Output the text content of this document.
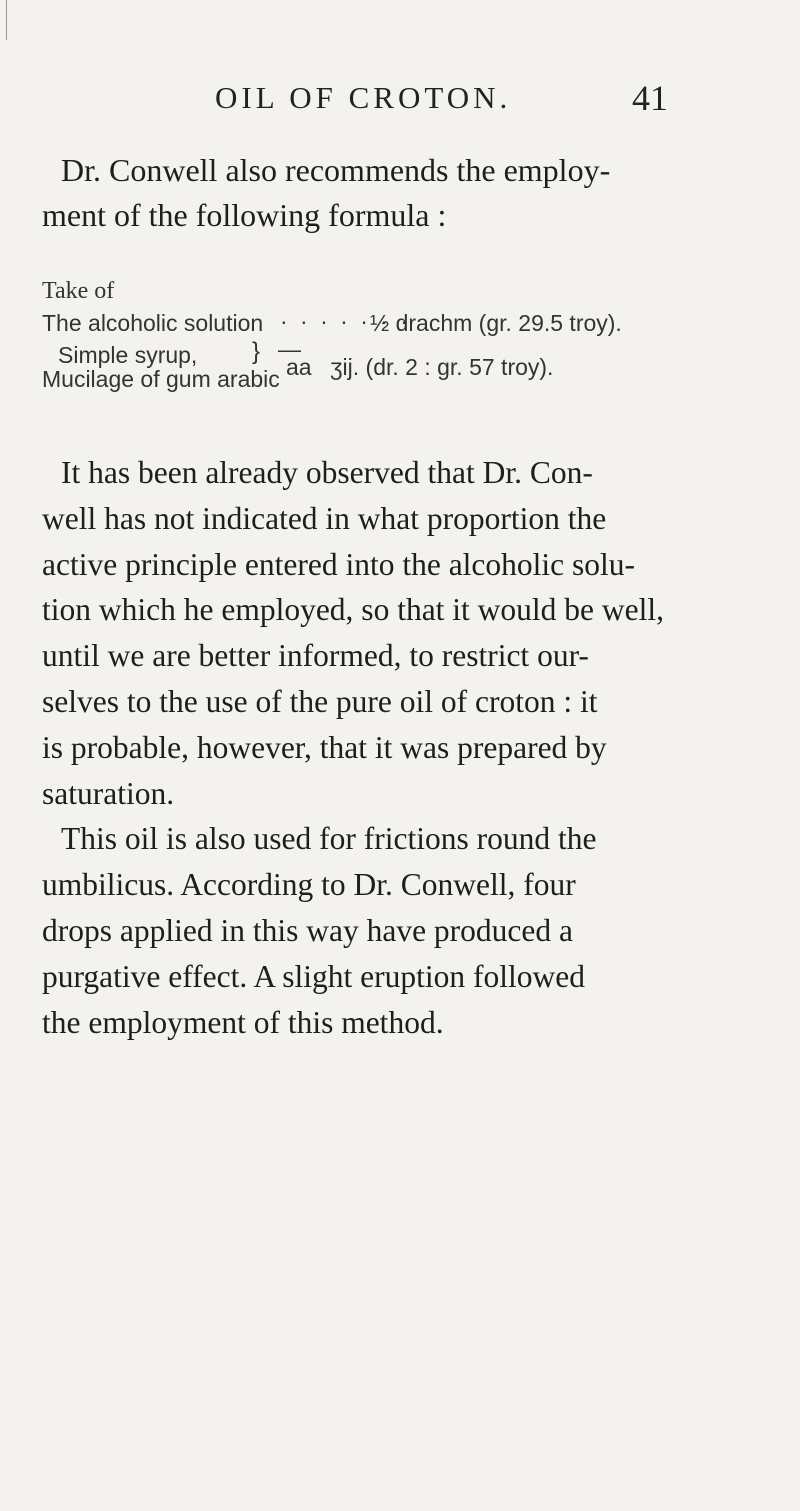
OIL OF CROTON.	41

Dr. Conwell also recommends the employ-
ment of the following formula :

Take of
The alcoholic solution · · · · · · ·
½ drachm (gr. 29.5 troy).
Simple syrup,
Mucilage of gum arabic
} —
aa ʒij. (dr. 2 : gr. 57 troy).

It has been already observed that Dr. Con-
well has not indicated in what proportion the
active principle entered into the alcoholic solu-
tion which he employed, so that it would be well,
until we are better informed, to restrict our-
selves to the use of the pure oil of croton : it
is probable, however, that it was prepared by
saturation.
This oil is also used for frictions round the
umbilicus. According to Dr. Conwell, four
drops applied in this way have produced a
purgative effect. A slight eruption followed
the employment of this method.
